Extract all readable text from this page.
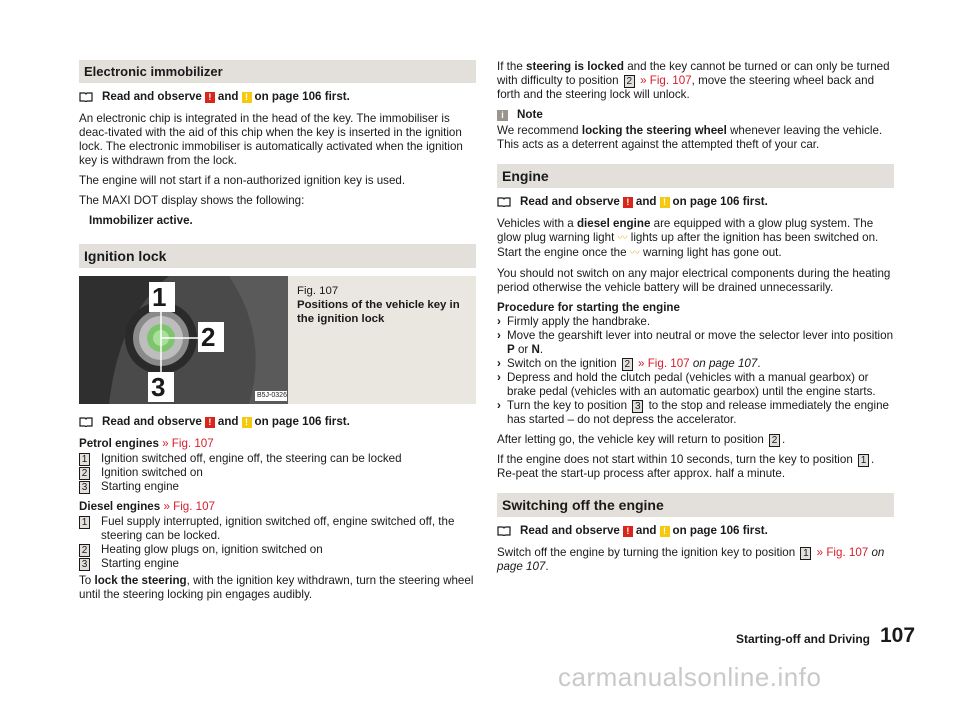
Electronic immobilizer
Read and observe ! and ! on page 106 first.

An electronic chip is integrated in the head of the key. The immobiliser is deac-tivated with the aid of this chip when the key is inserted in the ignition lock. The electronic immobiliser is automatically activated when the ignition key is withdrawn from the lock.

The engine will not start if a non-authorized ignition key is used.

The MAXI DOT display shows the following:

Immobilizer active.

Ignition lock
1
2
3	B5J-0326
Fig. 107
Positions of the vehicle key in the ignition lock
Read and observe ! and ! on page 106 first.
Petrol engines » Fig. 107
1	Ignition switched off, engine off, the steering can be locked
2	Ignition switched on
3	Starting engine
Diesel engines » Fig. 107
1	Fuel supply interrupted, ignition switched off, engine switched off, the steering can be locked.
2	Heating glow plugs on, ignition switched on
3	Starting engine

To lock the steering, with the ignition key withdrawn, turn the steering wheel until the steering locking pin engages audibly.

If the steering is locked and the key cannot be turned or can only be turned with difficulty to position 2 » Fig. 107, move the steering wheel back and forth and the steering lock will unlock.

i	Note

We recommend locking the steering wheel whenever leaving the vehicle. This acts as a deterrent against the attempted theft of your car.

Engine
Read and observe ! and ! on page 106 first.

Vehicles with a diesel engine are equipped with a glow plug system. The glow plug warning light 〰 lights up after the ignition has been switched on. Start the engine once the 〰 warning light has gone out.

You should not switch on any major electrical components during the heating period otherwise the vehicle battery will be drained unnecessarily.

Procedure for starting the engine
› Firmly apply the handbrake.
› Move the gearshift lever into neutral or move the selector lever into position P or N.
› Switch on the ignition 2 » Fig. 107 on page 107.
› Depress and hold the clutch pedal (vehicles with a manual gearbox) or brake pedal (vehicles with an automatic gearbox) until the engine starts.
› Turn the key to position 3 to the stop and release immediately the engine has started – do not depress the accelerator.

After letting go, the vehicle key will return to position 2 .

If the engine does not start within 10 seconds, turn the key to position 1 . Re-peat the start-up process after approx. half a minute.

Switching off the engine
Read and observe ! and ! on page 106 first.

Switch off the engine by turning the ignition key to position 1 » Fig. 107 on page 107.

Starting-off and Driving 107
carmanualsonline.info
